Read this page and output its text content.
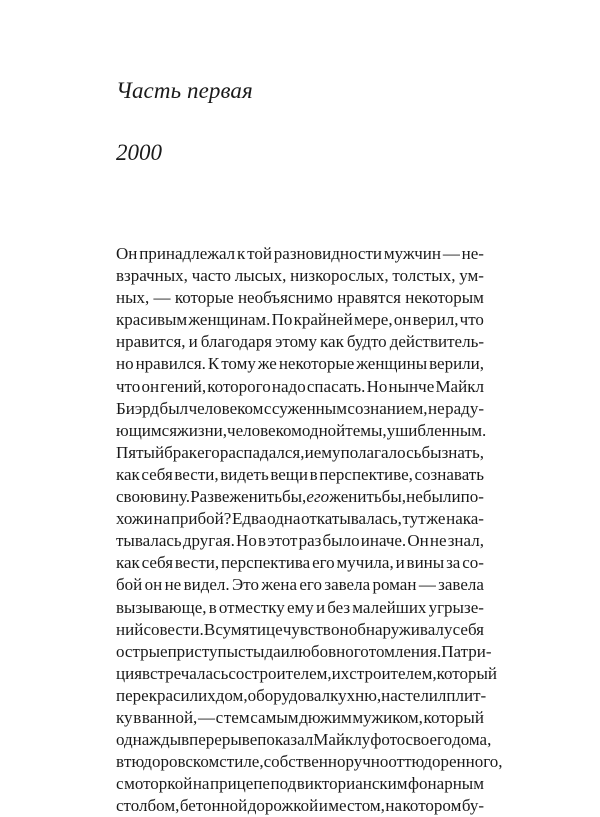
Часть первая
2000
Он принадлежал к той разновидности мужчин — не-
взрачных, часто лысых, низкорослых, толстых, ум-
ных, — которые необъяснимо нравятся некоторым
красивым женщинам. По крайней мере, он верил, что
нравится, и благодаря этому как будто действитель-
но нравился. К тому же некоторые женщины верили,
что он гений, которого надо спасать. Но нынче Майкл
Биэрд был человеком с суженным сознанием, не раду-
ющимся жизни, человеком одной темы, ушибленным.
Пятый брак его распадался, и ему полагалось бы знать,
как себя вести, видеть вещи в перспективе, сознавать
свою вину. Разве женитьбы, его женитьбы, не были по-
хожи на прибой? Едва одна откатывалась, тут же нака-
тывалась другая. Но в этот раз было иначе. Он не знал,
как себя вести, перспектива его мучила, и вины за со-
бой он не видел. Это жена его завела роман — завела
вызывающе, в отместку ему и без малейших угрызе-
ний совести. В сумятице чувств он обнаруживал у себя
острые приступы стыда и любовного томления. Патри-
ция встречалась со строителем, их строителем, который
перекрасил их дом, оборудовал кухню, настелил плит-
ку в ванной, — с тем самым дюжим мужиком, который
однажды в перерыве показал Майклу фото своего дома,
в тюдоровском стиле, собственноручно оттюдоренного,
с моторкой на прицепе под викторианским фонарным
столбом, бетонной дорожкой и местом, на котором бу-
